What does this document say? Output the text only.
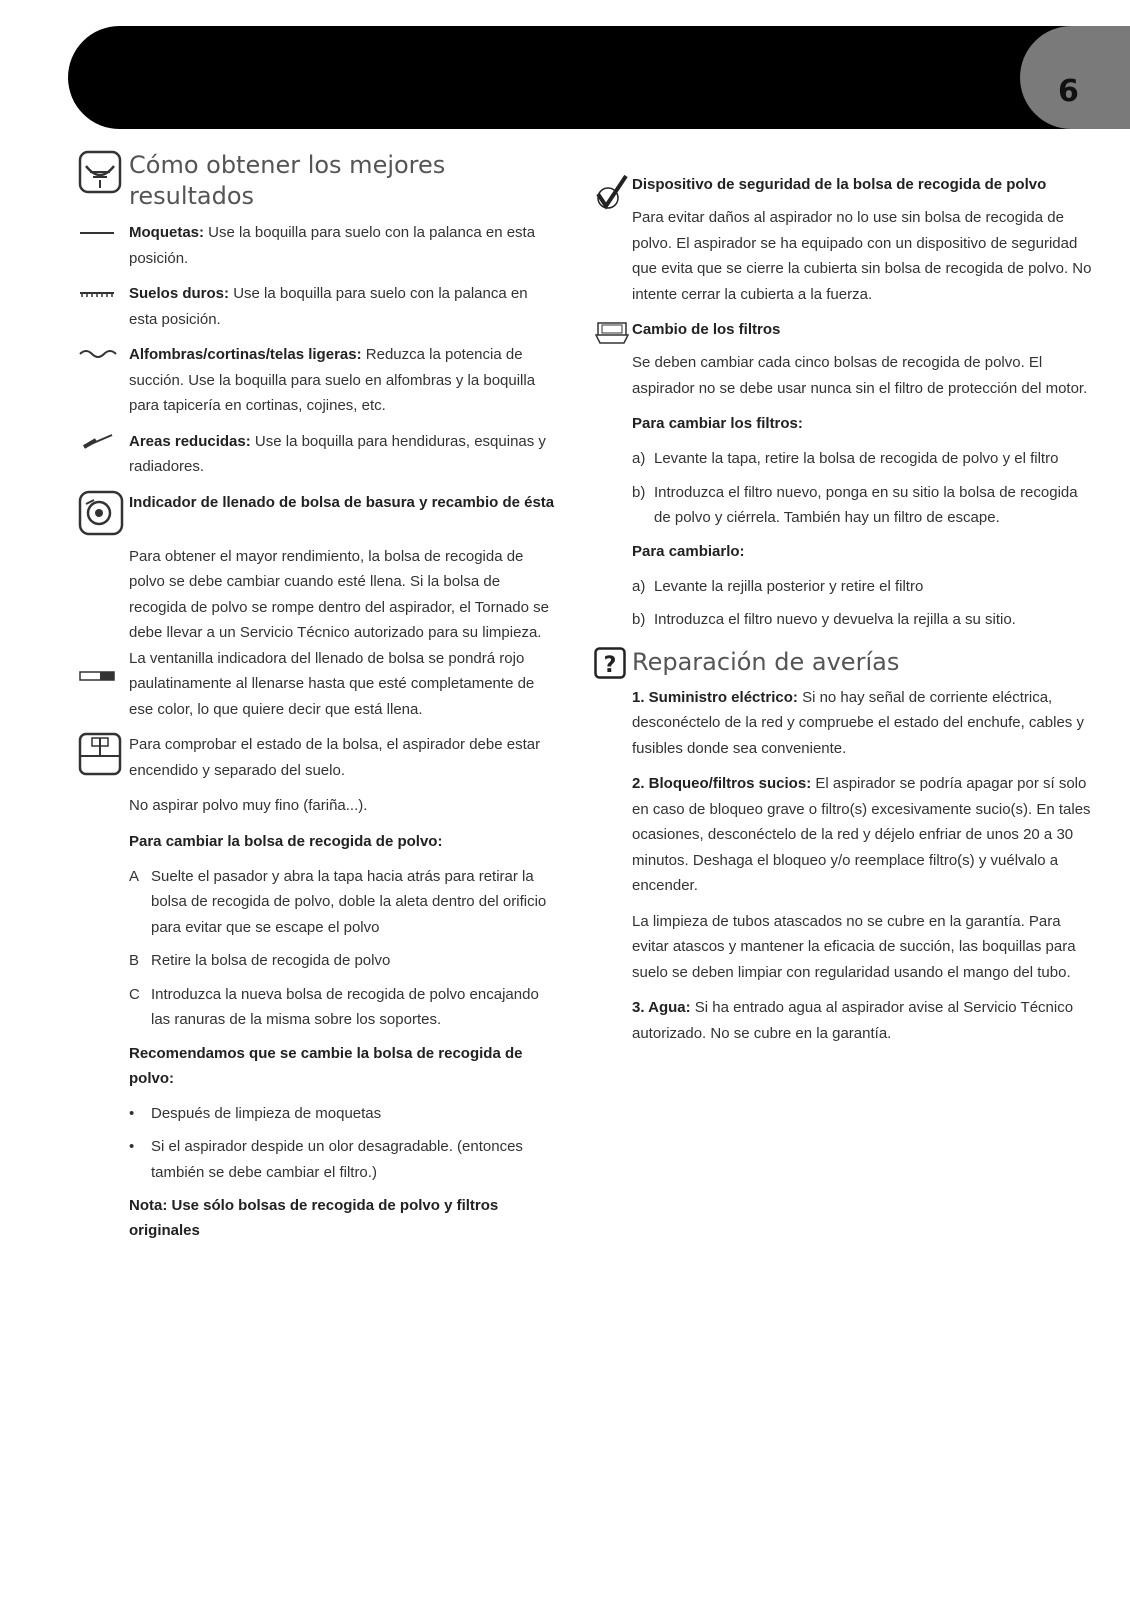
6
Cómo obtener los mejores resultados

Moquetas: Use la boquilla para suelo con la palanca en esta posición.

Suelos duros: Use la boquilla para suelo con la palanca en esta posición.

Alfombras/cortinas/telas ligeras: Reduzca la potencia de succión. Use la boquilla para suelo en alfombras y la boquilla para tapicería en cortinas, cojines, etc.

Areas reducidas: Use la boquilla para hendiduras, esquinas y radiadores.

Indicador de llenado de bolsa de basura y recambio de ésta

Para obtener el mayor rendimiento, la bolsa de recogida de polvo se debe cambiar cuando esté llena. Si la bolsa de recogida de polvo se rompe dentro del aspirador, el Tornado se debe llevar a un Servicio Técnico autorizado para su limpieza. La ventanilla indicadora del llenado de bolsa se pondrá rojo paulatinamente al llenarse hasta que esté completamente de ese color, lo que quiere decir que está llena.

Para comprobar el estado de la bolsa, el aspirador debe estar encendido y separado del suelo.

No aspirar polvo muy fino (fariña...).

Para cambiar la bolsa de recogida de polvo:

A Suelte el pasador y abra la tapa hacia atrás para retirar la bolsa de recogida de polvo, doble la aleta dentro del orificio para evitar que se escape el polvo
B Retire la bolsa de recogida de polvo
C Introduzca la nueva bolsa de recogida de polvo encajando las ranuras de la misma sobre los soportes.

Recomendamos que se cambie la bolsa de recogida de polvo:

•	Después de limpieza de moquetas
•	Si el aspirador despide un olor desagradable. (entonces también se debe cambiar el filtro.)

Nota: Use sólo bolsas de recogida de polvo y filtros originales

Dispositivo de seguridad de la bolsa de recogida de polvo

Para evitar daños al aspirador no lo use sin bolsa de recogida de polvo. El aspirador se ha equipado con un dispositivo de seguridad que evita que se cierre la cubierta sin bolsa de recogida de polvo. No intente cerrar la cubierta a la fuerza.

Cambio de los filtros

Se deben cambiar cada cinco bolsas de recogida de polvo. El aspirador no se debe usar nunca sin el filtro de protección del motor.

Para cambiar los filtros:

a) Levante la tapa, retire la bolsa de recogida de polvo y el filtro
b) Introduzca el filtro nuevo, ponga en su sitio la bolsa de recogida de polvo y ciérrela. También hay un filtro de escape.

Para cambiarlo:

a) Levante la rejilla posterior y retire el filtro
b) Introduzca el filtro nuevo y devuelva la rejilla a su sitio.
? Reparación de averías

1. Suministro eléctrico: Si no hay señal de corriente eléctrica, desconéctelo de la red y compruebe el estado del enchufe, cables y fusibles donde sea conveniente.

2. Bloqueo/filtros sucios: El aspirador se podría apagar por sí solo en caso de bloqueo grave o filtro(s) excesivamente sucio(s). En tales ocasiones, desconéctelo de la red y déjelo enfriar de unos 20 a 30 minutos. Deshaga el bloqueo y/o reemplace filtro(s) y vuélvalo a encender.

La limpieza de tubos atascados no se cubre en la garantía. Para evitar atascos y mantener la eficacia de succión, las boquillas para suelo se deben limpiar con regularidad usando el mango del tubo.

3. Agua: Si ha entrado agua al aspirador avise al Servicio Técnico autorizado. No se cubre en la garantía.
